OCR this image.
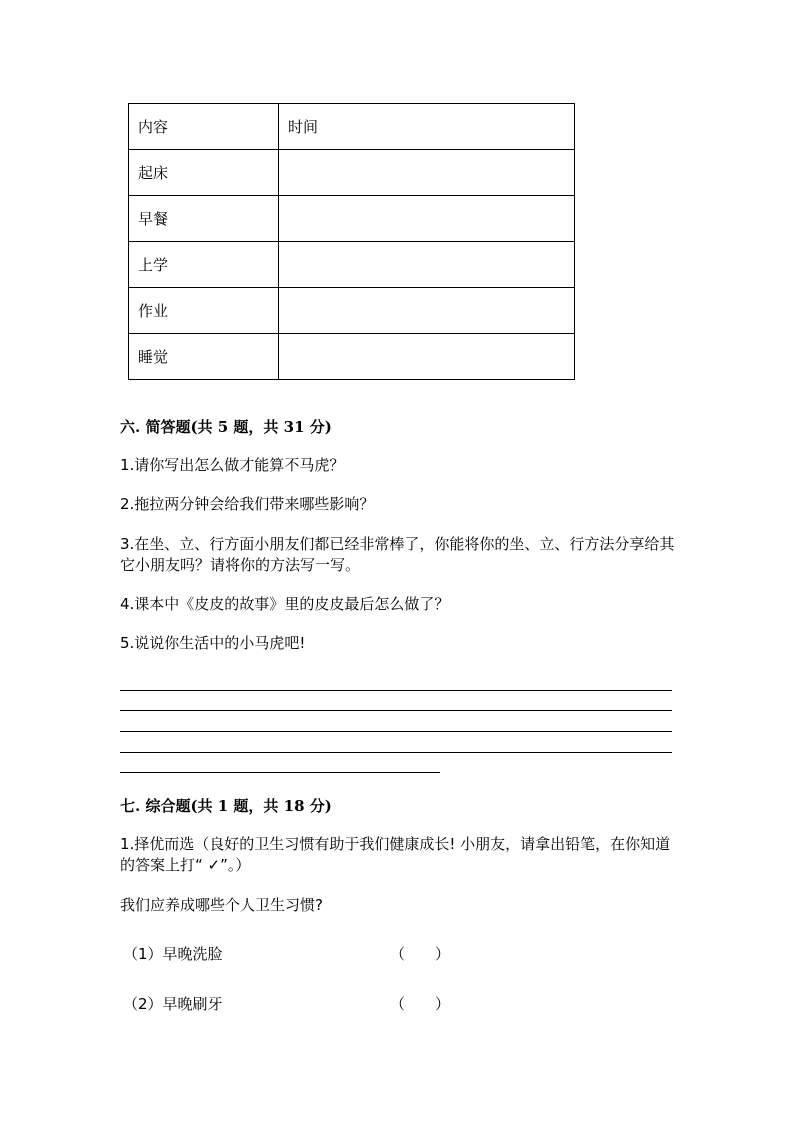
内容	时间
起床	
早餐	
上学	
作业	
睡觉	
六. 简答题(共 5 题，共 31 分)
1.请你写出怎么做才能算不马虎？
2.拖拉两分钟会给我们带来哪些影响？
3.在坐、立、行方面小朋友们都已经非常棒了，你能将你的坐、立、行方法分享给其它小朋友吗？请将你的方法写一写。
4.课本中《皮皮的故事》里的皮皮最后怎么做了？
5.说说你生活中的小马虎吧!
七. 综合题(共 1 题，共 18 分)
1.择优而选（良好的卫生习惯有助于我们健康成长! 小朋友，请拿出铅笔，在你知道的答案上打“ ✓”。）
我们应养成哪些个人卫生习惯?
（1）早晚洗脸	（　　）
（2）早晚刷牙	（　　）
